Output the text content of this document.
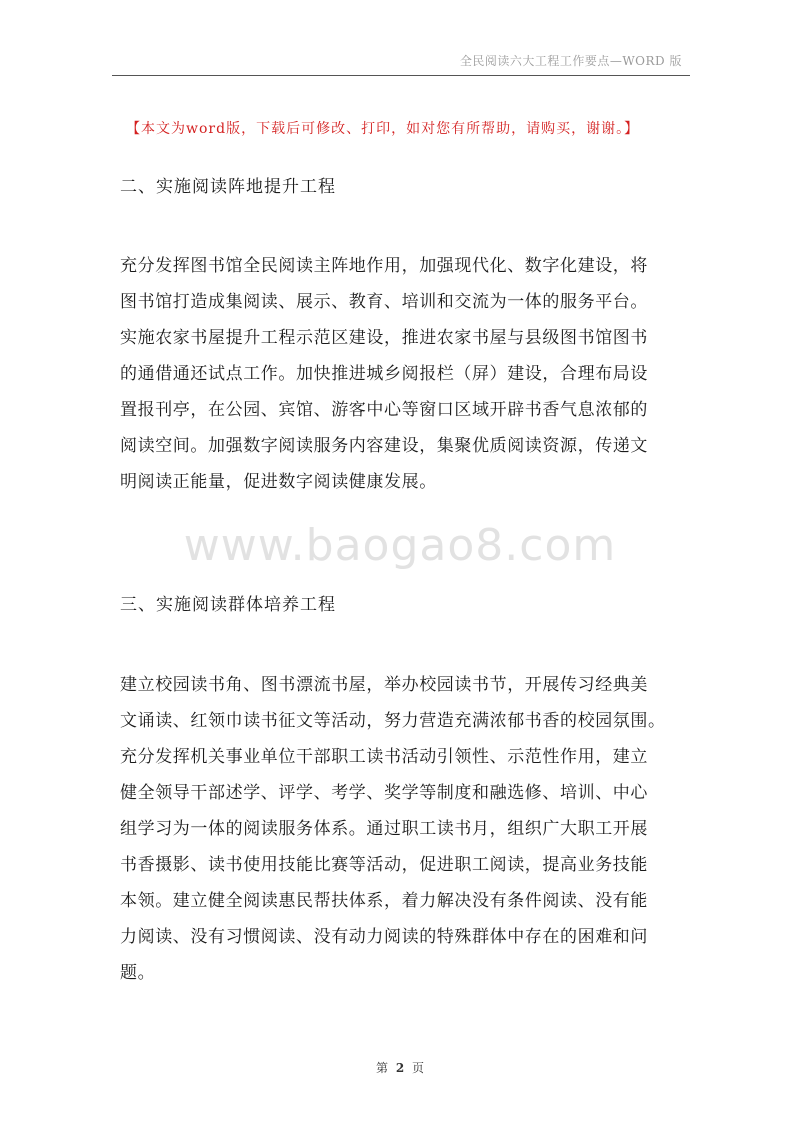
全民阅读六大工程工作要点—WORD 版
【本文为word版，下载后可修改、打印，如对您有所帮助，请购买，谢谢。】
二、实施阅读阵地提升工程
充分发挥图书馆全民阅读主阵地作用，加强现代化、数字化建设，将
图书馆打造成集阅读、展示、教育、培训和交流为一体的服务平台。
实施农家书屋提升工程示范区建设，推进农家书屋与县级图书馆图书
的通借通还试点工作。加快推进城乡阅报栏（屏）建设，合理布局设
置报刊亭，在公园、宾馆、游客中心等窗口区域开辟书香气息浓郁的
阅读空间。加强数字阅读服务内容建设，集聚优质阅读资源，传递文
明阅读正能量，促进数字阅读健康发展。
www.baogao8.com
三、实施阅读群体培养工程
建立校园读书角、图书漂流书屋，举办校园读书节，开展传习经典美
文诵读、红领巾读书征文等活动，努力营造充满浓郁书香的校园氛围。
充分发挥机关事业单位干部职工读书活动引领性、示范性作用，建立
健全领导干部述学、评学、考学、奖学等制度和融选修、培训、中心
组学习为一体的阅读服务体系。通过职工读书月，组织广大职工开展
书香摄影、读书使用技能比赛等活动，促进职工阅读，提高业务技能
本领。建立健全阅读惠民帮扶体系，着力解决没有条件阅读、没有能
力阅读、没有习惯阅读、没有动力阅读的特殊群体中存在的困难和问
题。
第 2 页
